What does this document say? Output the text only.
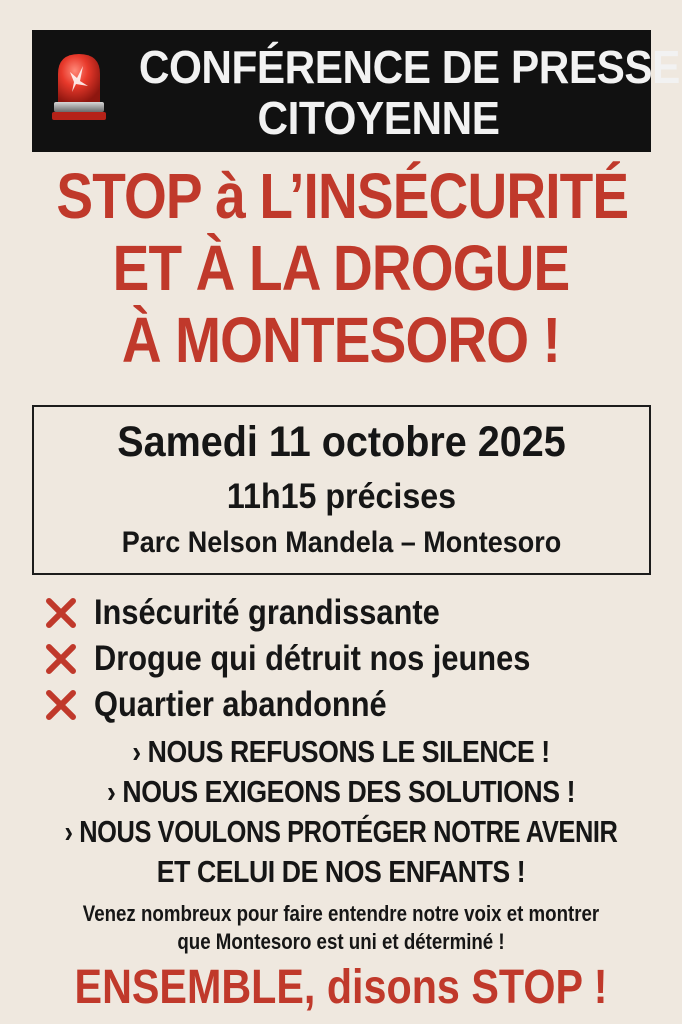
CONFÉRENCE DE PRESSE
CITOYENNE
STOP à L’INSÉCURITÉ
ET À LA DROGUE
À MONTESORO !
Samedi 11 octobre 2025
11h15 précises
Parc Nelson Mandela – Montesoro
Insécurité grandissante
Drogue qui détruit nos jeunes
Quartier abandonné
› NOUS REFUSONS LE SILENCE !
› NOUS EXIGEONS DES SOLUTIONS !
› NOUS VOULONS PROTÉGER NOTRE AVENIR
ET CELUI DE NOS ENFANTS !
Venez nombreux pour faire entendre notre voix et montrer
que Montesoro est uni et déterminé !
ENSEMBLE, disons STOP !
